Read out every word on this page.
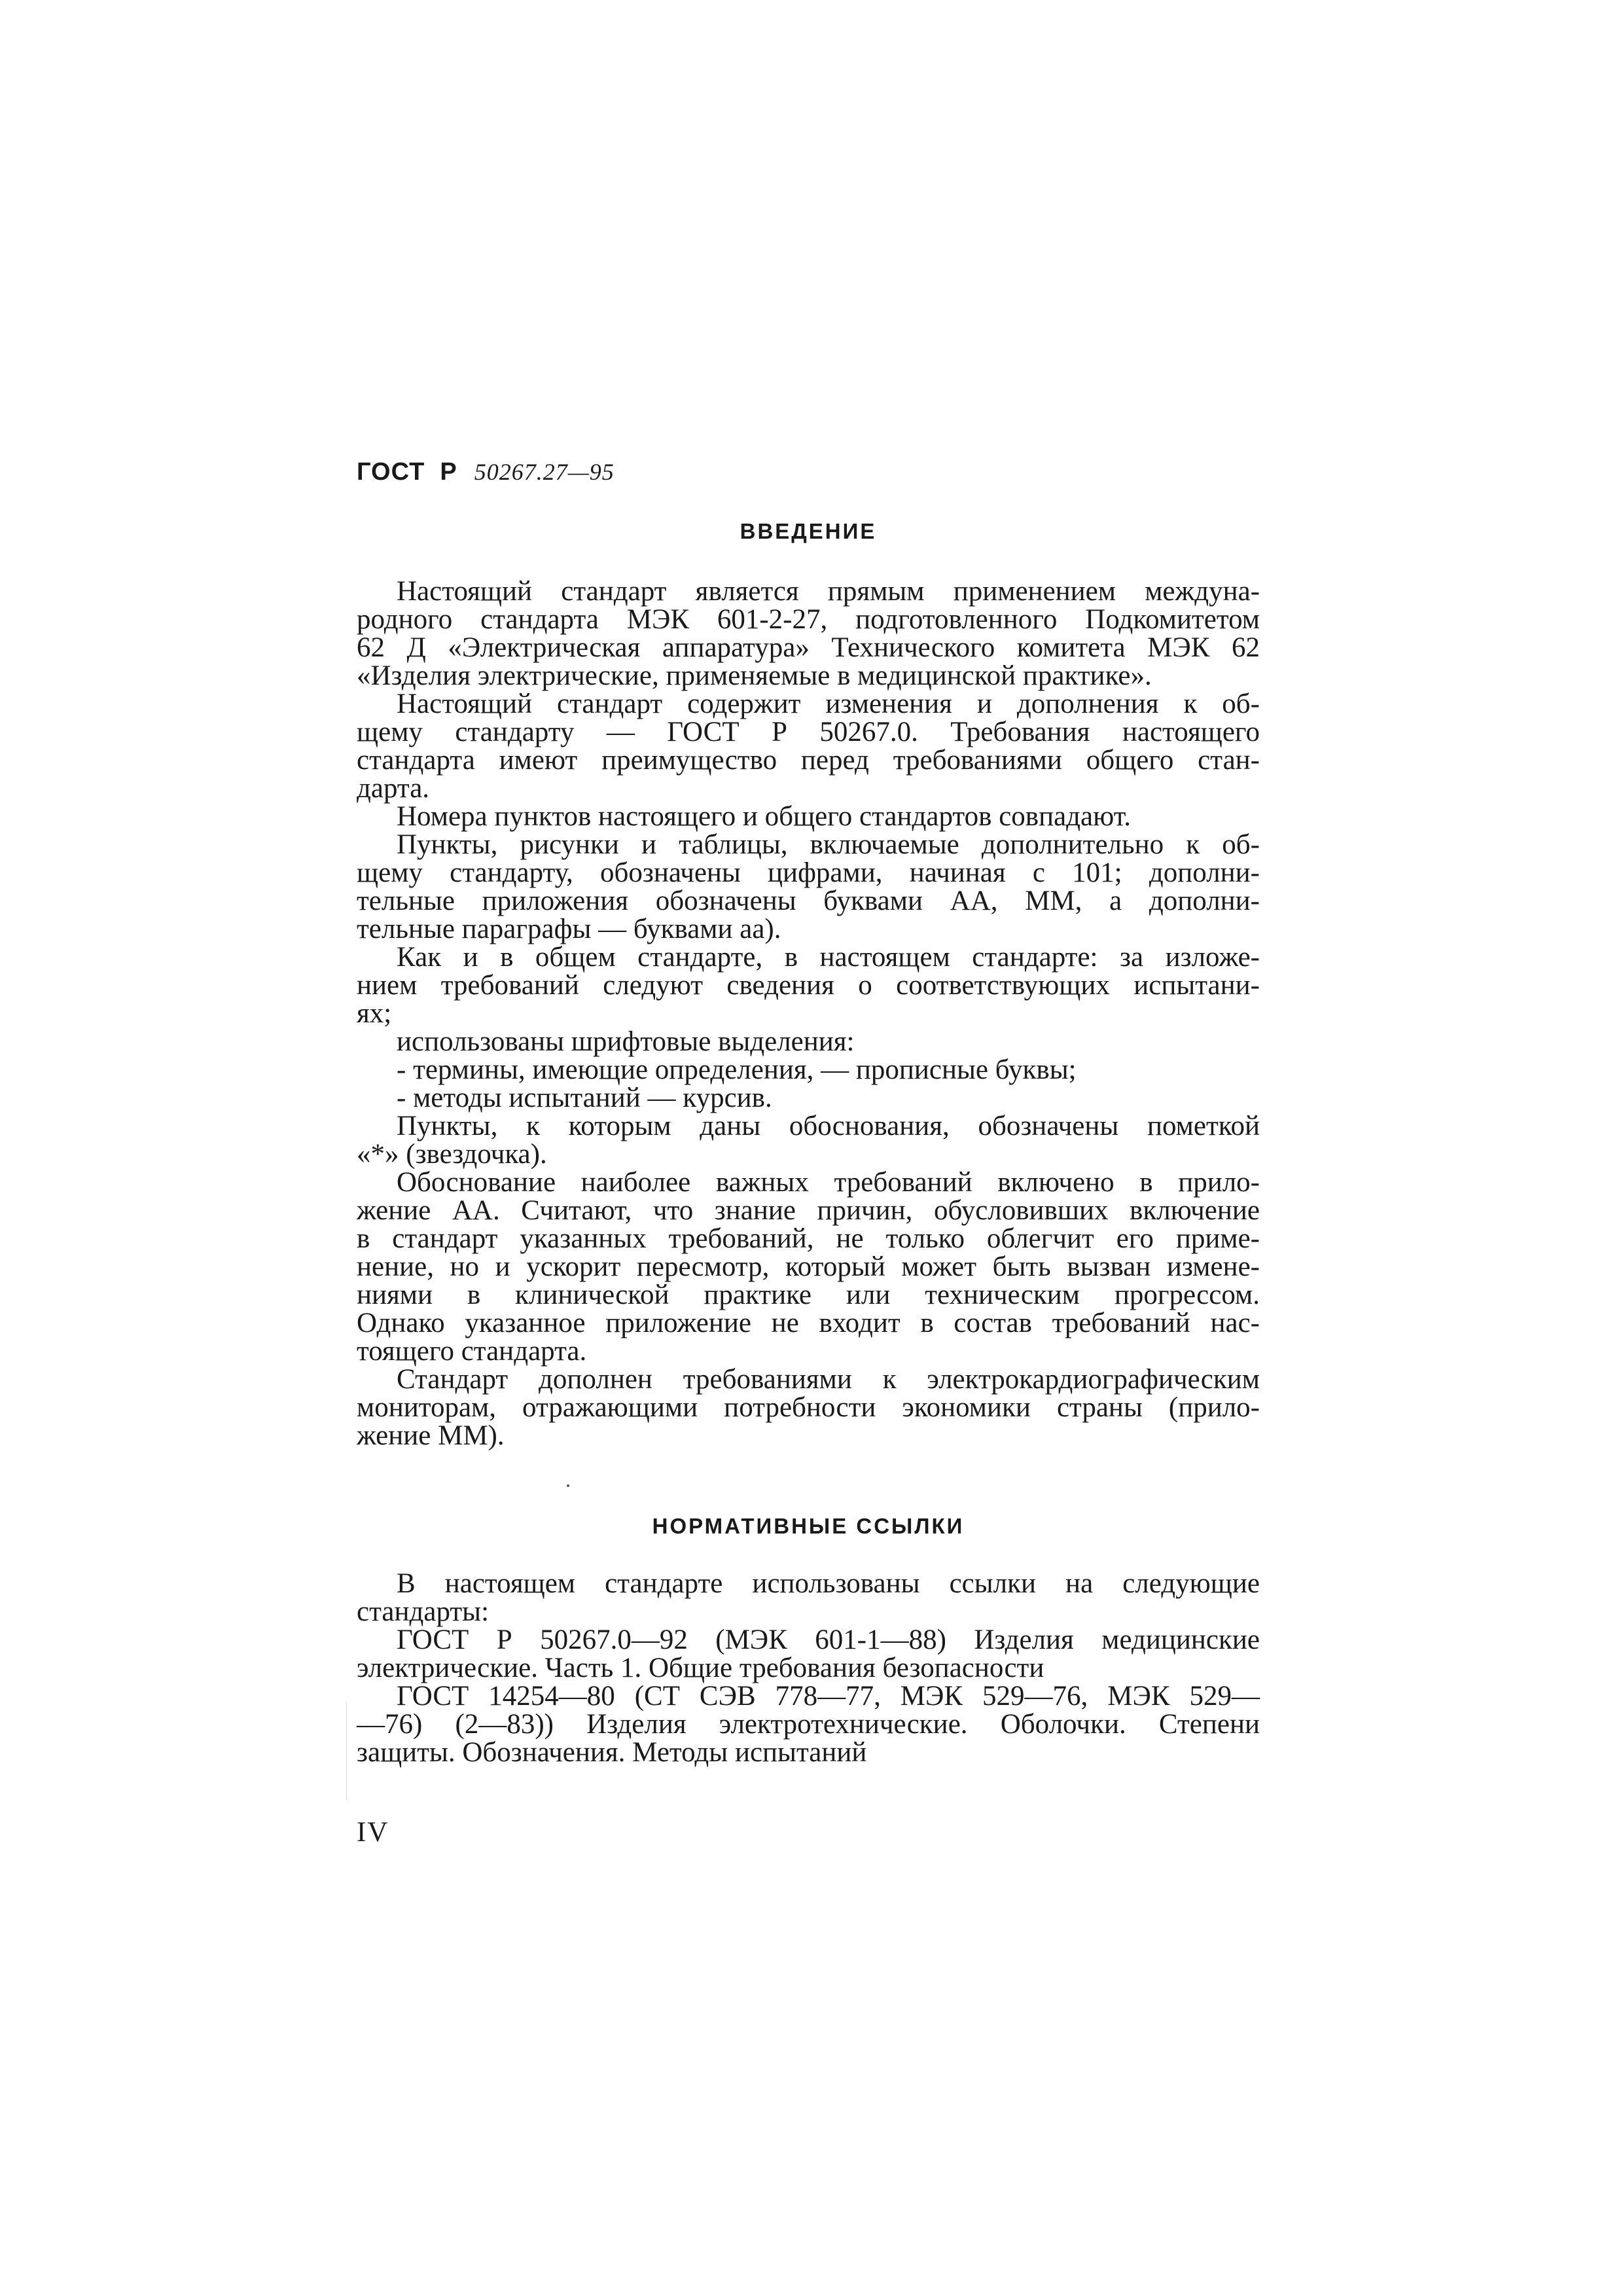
ГОСТ  Р 50267.27—95
ВВЕДЕНИЕ
Настоящий стандарт является прямым применением междуна-
родного стандарта МЭК 601-2-27, подготовленного Подкомитетом
62 Д «Электрическая аппаратура» Технического комитета МЭК 62
«Изделия электрические, применяемые в медицинской практике».
Настоящий стандарт содержит изменения и дополнения к об-
щему стандарту — ГОСТ Р 50267.0. Требования настоящего
стандарта имеют преимущество перед требованиями общего стан-
дарта.
Номера пунктов настоящего и общего стандартов совпадают.
Пункты, рисунки и таблицы, включаемые дополнительно к об-
щему стандарту, обозначены цифрами, начиная с 101; дополни-
тельные приложения обозначены буквами АА, ММ, а дополни-
тельные параграфы — буквами аа).
Как и в общем стандарте, в настоящем стандарте: за изложе-
нием требований следуют сведения о соответствующих испытани-
ях;
использованы шрифтовые выделения:
- термины, имеющие определения, — прописные буквы;
- методы испытаний — курсив.
Пункты, к которым даны обоснования, обозначены пометкой
«*» (звездочка).
Обоснование наиболее важных требований включено в прило-
жение АА. Считают, что знание причин, обусловивших включение
в стандарт указанных требований, не только облегчит его приме-
нение, но и ускорит пересмотр, который может быть вызван измене-
ниями в клинической практике или техническим прогрессом.
Однако указанное приложение не входит в состав требований нас-
тоящего стандарта.
Стандарт дополнен требованиями к электрокардиографическим
мониторам, отражающими потребности экономики страны (прило-
жение ММ).
НОРМАТИВНЫЕ ССЫЛКИ
В настоящем стандарте использованы ссылки на следующие
стандарты:
ГОСТ Р 50267.0—92 (МЭК 601-1—88) Изделия медицинские
электрические. Часть 1. Общие требования безопасности
ГОСТ 14254—80 (СТ СЭВ 778—77, МЭК 529—76, МЭК 529—
—76) (2—83)) Изделия электротехнические. Оболочки. Степени
защиты. Обозначения. Методы испытаний
IV
